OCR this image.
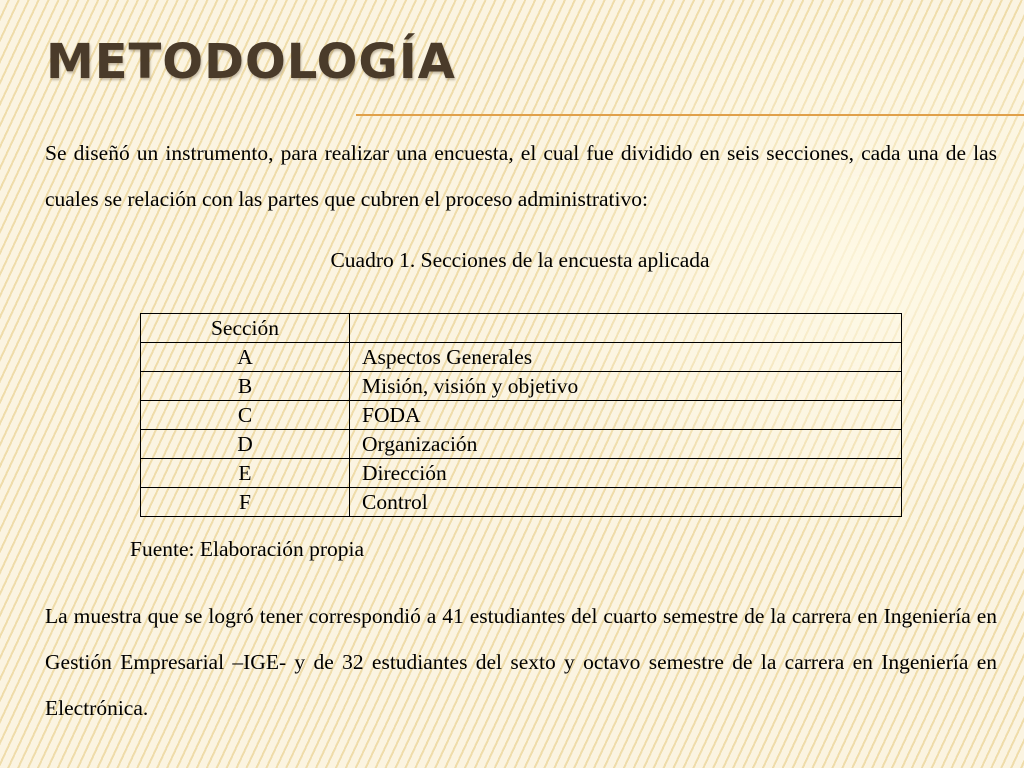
METODOLOGÍA

Se diseñó un instrumento, para realizar una encuesta, el cual fue dividido en seis secciones, cada una de las cuales se relación con las partes que cubren el proceso administrativo:

Cuadro 1. Secciones de la encuesta aplicada

Sección	
A	Aspectos Generales
B	Misión, visión y objetivo
C	FODA
D	Organización
E	Dirección
F	Control

Fuente: Elaboración propia

La muestra que se logró tener correspondió a 41 estudiantes del cuarto semestre de la carrera en Ingeniería en Gestión Empresarial –IGE- y de 32 estudiantes del sexto y octavo semestre de la carrera en Ingeniería en Electrónica.
